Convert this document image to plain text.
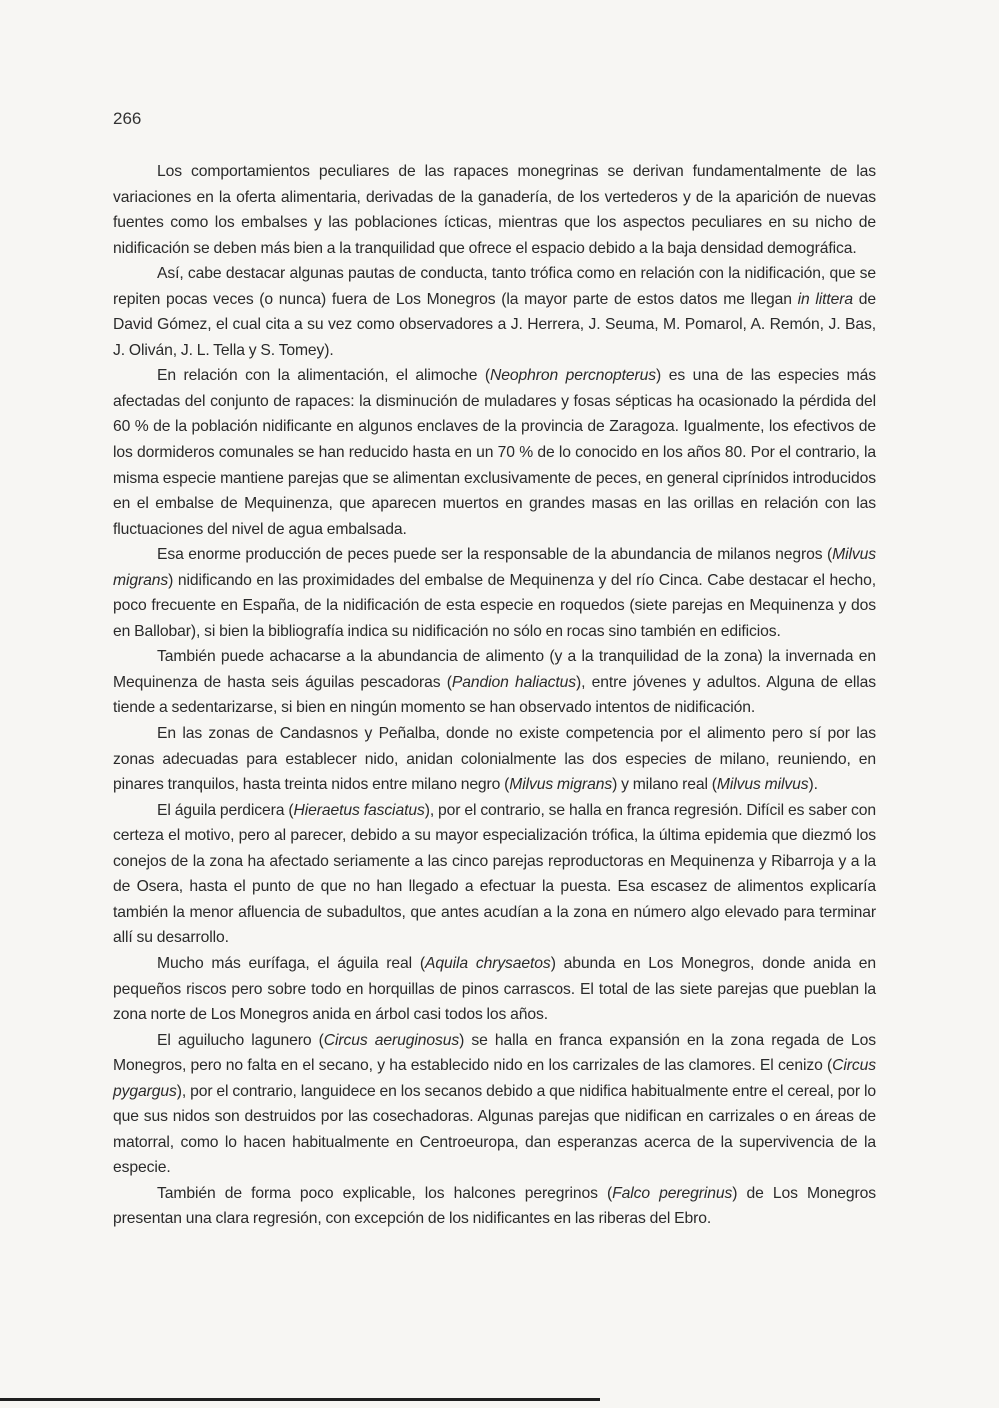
266

Los comportamientos peculiares de las rapaces monegrinas se derivan fundamentalmente de las variaciones en la oferta alimentaria, derivadas de la ganadería, de los vertederos y de la aparición de nuevas fuentes como los embalses y las poblaciones ícticas, mientras que los aspectos peculiares en su nicho de nidificación se deben más bien a la tranquilidad que ofrece el espacio debido a la baja densidad demográfica.

Así, cabe destacar algunas pautas de conducta, tanto trófica como en relación con la nidificación, que se repiten pocas veces (o nunca) fuera de Los Monegros (la mayor parte de estos datos me llegan in littera de David Gómez, el cual cita a su vez como observadores a J. Herrera, J. Seuma, M. Pomarol, A. Remón, J. Bas, J. Oliván, J. L. Tella y S. Tomey).

En relación con la alimentación, el alimoche (Neophron percnopterus) es una de las especies más afectadas del conjunto de rapaces: la disminución de muladares y fosas sépticas ha ocasionado la pérdida del 60 % de la población nidificante en algunos enclaves de la provincia de Zaragoza. Igualmente, los efectivos de los dormideros comunales se han reducido hasta en un 70 % de lo conocido en los años 80. Por el contrario, la misma especie mantiene parejas que se alimentan exclusivamente de peces, en general ciprínidos introducidos en el embalse de Mequinenza, que aparecen muertos en grandes masas en las orillas en relación con las fluctuaciones del nivel de agua embalsada.

Esa enorme producción de peces puede ser la responsable de la abundancia de milanos negros (Milvus migrans) nidificando en las proximidades del embalse de Mequinenza y del río Cinca. Cabe destacar el hecho, poco frecuente en España, de la nidificación de esta especie en roquedos (siete parejas en Mequinenza y dos en Ballobar), si bien la bibliografía indica su nidificación no sólo en rocas sino también en edificios.

También puede achacarse a la abundancia de alimento (y a la tranquilidad de la zona) la invernada en Mequinenza de hasta seis águilas pescadoras (Pandion haliactus), entre jóvenes y adultos. Alguna de ellas tiende a sedentarizarse, si bien en ningún momento se han observado intentos de nidificación.

En las zonas de Candasnos y Peñalba, donde no existe competencia por el alimento pero sí por las zonas adecuadas para establecer nido, anidan colonialmente las dos especies de milano, reuniendo, en pinares tranquilos, hasta treinta nidos entre milano negro (Milvus migrans) y milano real (Milvus milvus).

El águila perdicera (Hieraetus fasciatus), por el contrario, se halla en franca regresión. Difícil es saber con certeza el motivo, pero al parecer, debido a su mayor especialización trófica, la última epidemia que diezmó los conejos de la zona ha afectado seriamente a las cinco parejas reproductoras en Mequinenza y Ribarroja y a la de Osera, hasta el punto de que no han llegado a efectuar la puesta. Esa escasez de alimentos explicaría también la menor afluencia de subadultos, que antes acudían a la zona en número algo elevado para terminar allí su desarrollo.

Mucho más eurífaga, el águila real (Aquila chrysaetos) abunda en Los Monegros, donde anida en pequeños riscos pero sobre todo en horquillas de pinos carrascos. El total de las siete parejas que pueblan la zona norte de Los Monegros anida en árbol casi todos los años.

El aguilucho lagunero (Circus aeruginosus) se halla en franca expansión en la zona regada de Los Monegros, pero no falta en el secano, y ha establecido nido en los carrizales de las clamores. El cenizo (Circus pygargus), por el contrario, languidece en los secanos debido a que nidifica habitualmente entre el cereal, por lo que sus nidos son destruidos por las cosechadoras. Algunas parejas que nidifican en carrizales o en áreas de matorral, como lo hacen habitualmente en Centroeuropa, dan esperanzas acerca de la supervivencia de la especie.

También de forma poco explicable, los halcones peregrinos (Falco peregrinus) de Los Monegros presentan una clara regresión, con excepción de los nidificantes en las riberas del Ebro.
